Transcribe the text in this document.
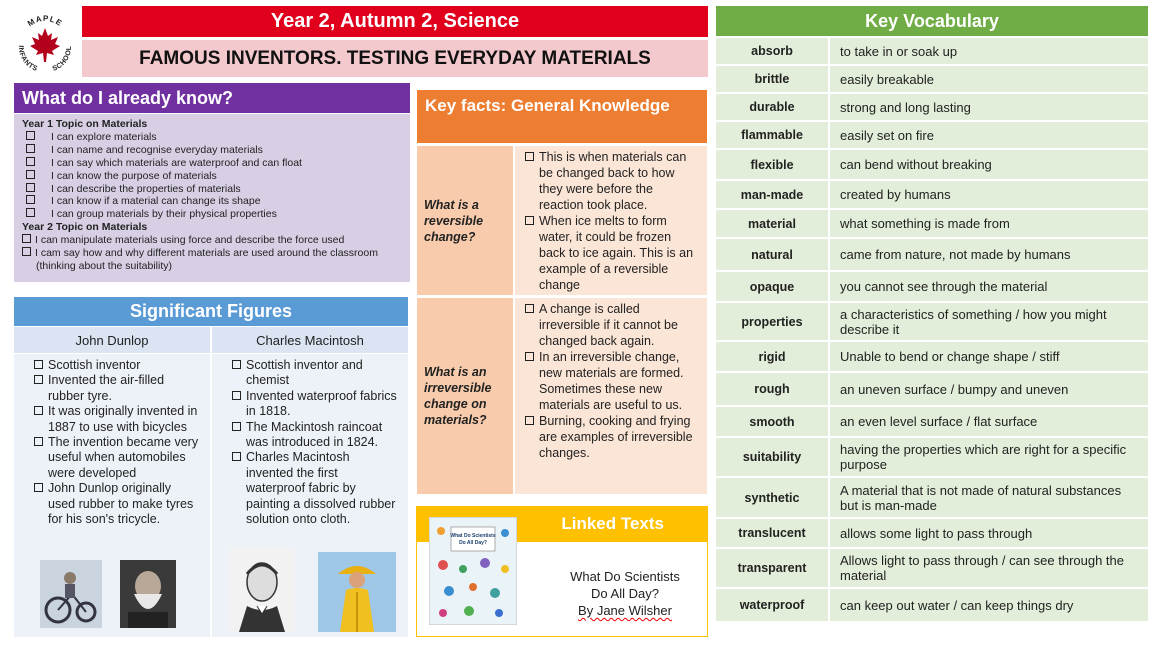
MAPLE
INFANTS SCHOOL
Year 2, Autumn 2, Science
FAMOUS INVENTORS. TESTING EVERYDAY MATERIALS
What do I already know?
Year 1 Topic on Materials
I can explore materials
I can name and recognise everyday materials
I can say which materials are waterproof and can float
I can know the purpose of materials
I can describe the properties of materials
I can know if a material can change its shape
I can group materials by their physical properties
Year 2 Topic on Materials
I can manipulate materials using force and describe the force used
I cam say how and why different materials are used around the classroom (thinking about the suitability)
Significant Figures
John Dunlop	Charles Macintosh
Scottish inventor
Invented the air-filled rubber tyre.
It was originally invented in 1887 to use with bicycles
The invention became very useful when automobiles were developed
John Dunlop originally used rubber to make tyres for his son's tricycle.
Scottish inventor and chemist
Invented waterproof fabrics in 1818.
The Mackintosh raincoat was introduced in 1824.
Charles Macintosh invented the first waterproof fabric by painting a dissolved rubber solution onto cloth.
Key facts: General Knowledge
What is a reversible change?
This is when materials can be changed back to how they were before the reaction took place.
When ice melts to form water, it could be frozen back to ice again. This is an example of a reversible change
What is an irreversible change on materials?
A change is called irreversible if it cannot be changed back again.
In an irreversible change, new materials are formed. Sometimes these new materials are useful to us.
Burning, cooking and frying are examples of irreversible changes.
Linked Texts
What Do Scientists
Do All Day?
What Do Scientists
Do All Day?
By Jane Wilsher
Key Vocabulary
absorb	to take in or soak up
brittle	easily breakable
durable	strong and long lasting
flammable	easily set on fire
flexible	can bend without breaking
man-made	created by humans
material	what something is made from
natural	came from nature, not made by humans
opaque	you cannot see through the material
properties	a characteristics of something / how you might describe it
rigid	Unable to bend or change shape / stiff
rough	an uneven surface / bumpy and uneven
smooth	an even level surface / flat surface
suitability	having the properties which are right for a specific purpose
synthetic	A material that is not made of natural substances but is man-made
translucent	allows some light to pass through
transparent	Allows light to pass through / can see through the material
waterproof	can keep out water / can keep things dry
